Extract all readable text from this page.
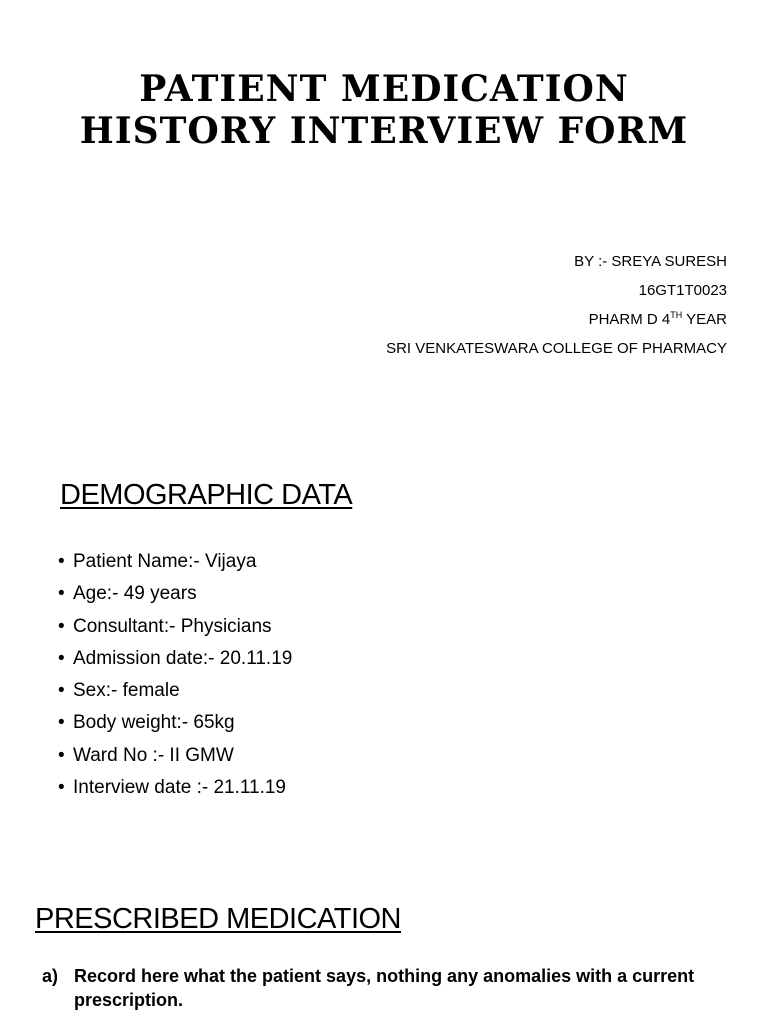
PATIENT MEDICATION
HISTORY INTERVIEW FORM
BY :- SREYA SURESH
16GT1T0023
PHARM D 4TH YEAR
SRI VENKATESWARA COLLEGE OF PHARMACY
DEMOGRAPHIC DATA
• Patient Name:- Vijaya
• Age:- 49 years
• Consultant:- Physicians
• Admission date:- 20.11.19
• Sex:- female
• Body weight:- 65kg
• Ward No :- II GMW
• Interview date :- 21.11.19
PRESCRIBED MEDICATION
a) Record here what the patient says, nothing any anomalies with a current prescription.
